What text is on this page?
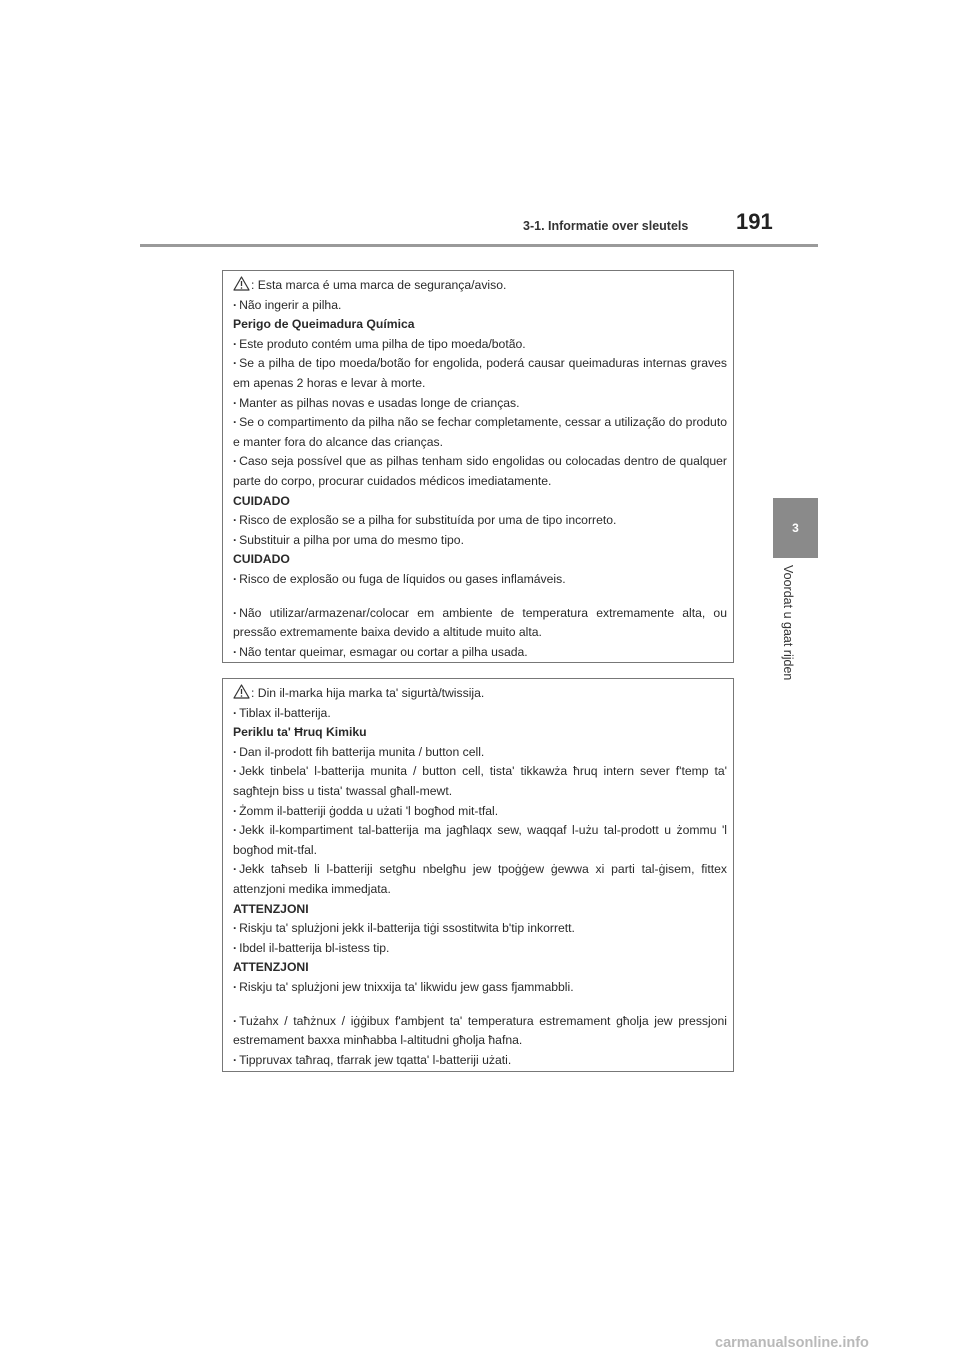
3-1. Informatie over sleutels 191
3
Voordat u gaat rijden

: Esta marca é uma marca de segurança/aviso.

· Não ingerir a pilha.

Perigo de Queimadura Química

· Este produto contém uma pilha de tipo moeda/botão.

· Se a pilha de tipo moeda/botão for engolida, poderá causar queimaduras internas graves em apenas 2 horas e levar à morte.

· Manter as pilhas novas e usadas longe de crianças.

· Se o compartimento da pilha não se fechar completamente, cessar a utilização do produto e manter fora do alcance das crianças.

· Caso seja possível que as pilhas tenham sido engolidas ou colocadas dentro de qualquer parte do corpo, procurar cuidados médicos imediatamente.

CUIDADO

· Risco de explosão se a pilha for substituída por uma de tipo incorreto.

· Substituir a pilha por uma do mesmo tipo.

CUIDADO

· Risco de explosão ou fuga de líquidos ou gases inflamáveis.

· Não utilizar/armazenar/colocar em ambiente de temperatura extremamente alta, ou pressão extremamente baixa devido a altitude muito alta.

· Não tentar queimar, esmagar ou cortar a pilha usada.

: Din il-marka hija marka ta' sigurtà/twissija.

· Tiblax il-batterija.

Periklu ta' Ħruq Kimiku

· Dan il-prodott fih batterija munita / button cell.

· Jekk tinbela' l-batterija munita / button cell, tista' tikkawża ħruq intern sever f'temp ta' sagħtejn biss u tista' twassal għall-mewt.

· Żomm il-batteriji ġodda u użati 'l bogħod mit-tfal.

· Jekk il-kompartiment tal-batterija ma jagħlaqx sew, waqqaf l-użu tal-prodott u żommu 'l bogħod mit-tfal.

· Jekk taħseb li l-batteriji setgħu nbelgħu jew tpoġġew ġewwa xi parti tal-ġisem, fittex attenzjoni medika immedjata.

ATTENZJONI

· Riskju ta' splużjoni jekk il-batterija tiġi ssostitwita b'tip inkorrett.

· Ibdel il-batterija bl-istess tip.

ATTENZJONI

· Riskju ta' splużjoni jew tnixxija ta' likwidu jew gass fjammabbli.

· Tużahx / taħżnux / iġġibux f'ambjent ta' temperatura estremament għolja jew pressjoni estremament baxxa minħabba l-altitudni għolja ħafna.

· Tippruvax taħraq, tfarrak jew tqatta' l-batteriji użati.

carmanualsonline.info
